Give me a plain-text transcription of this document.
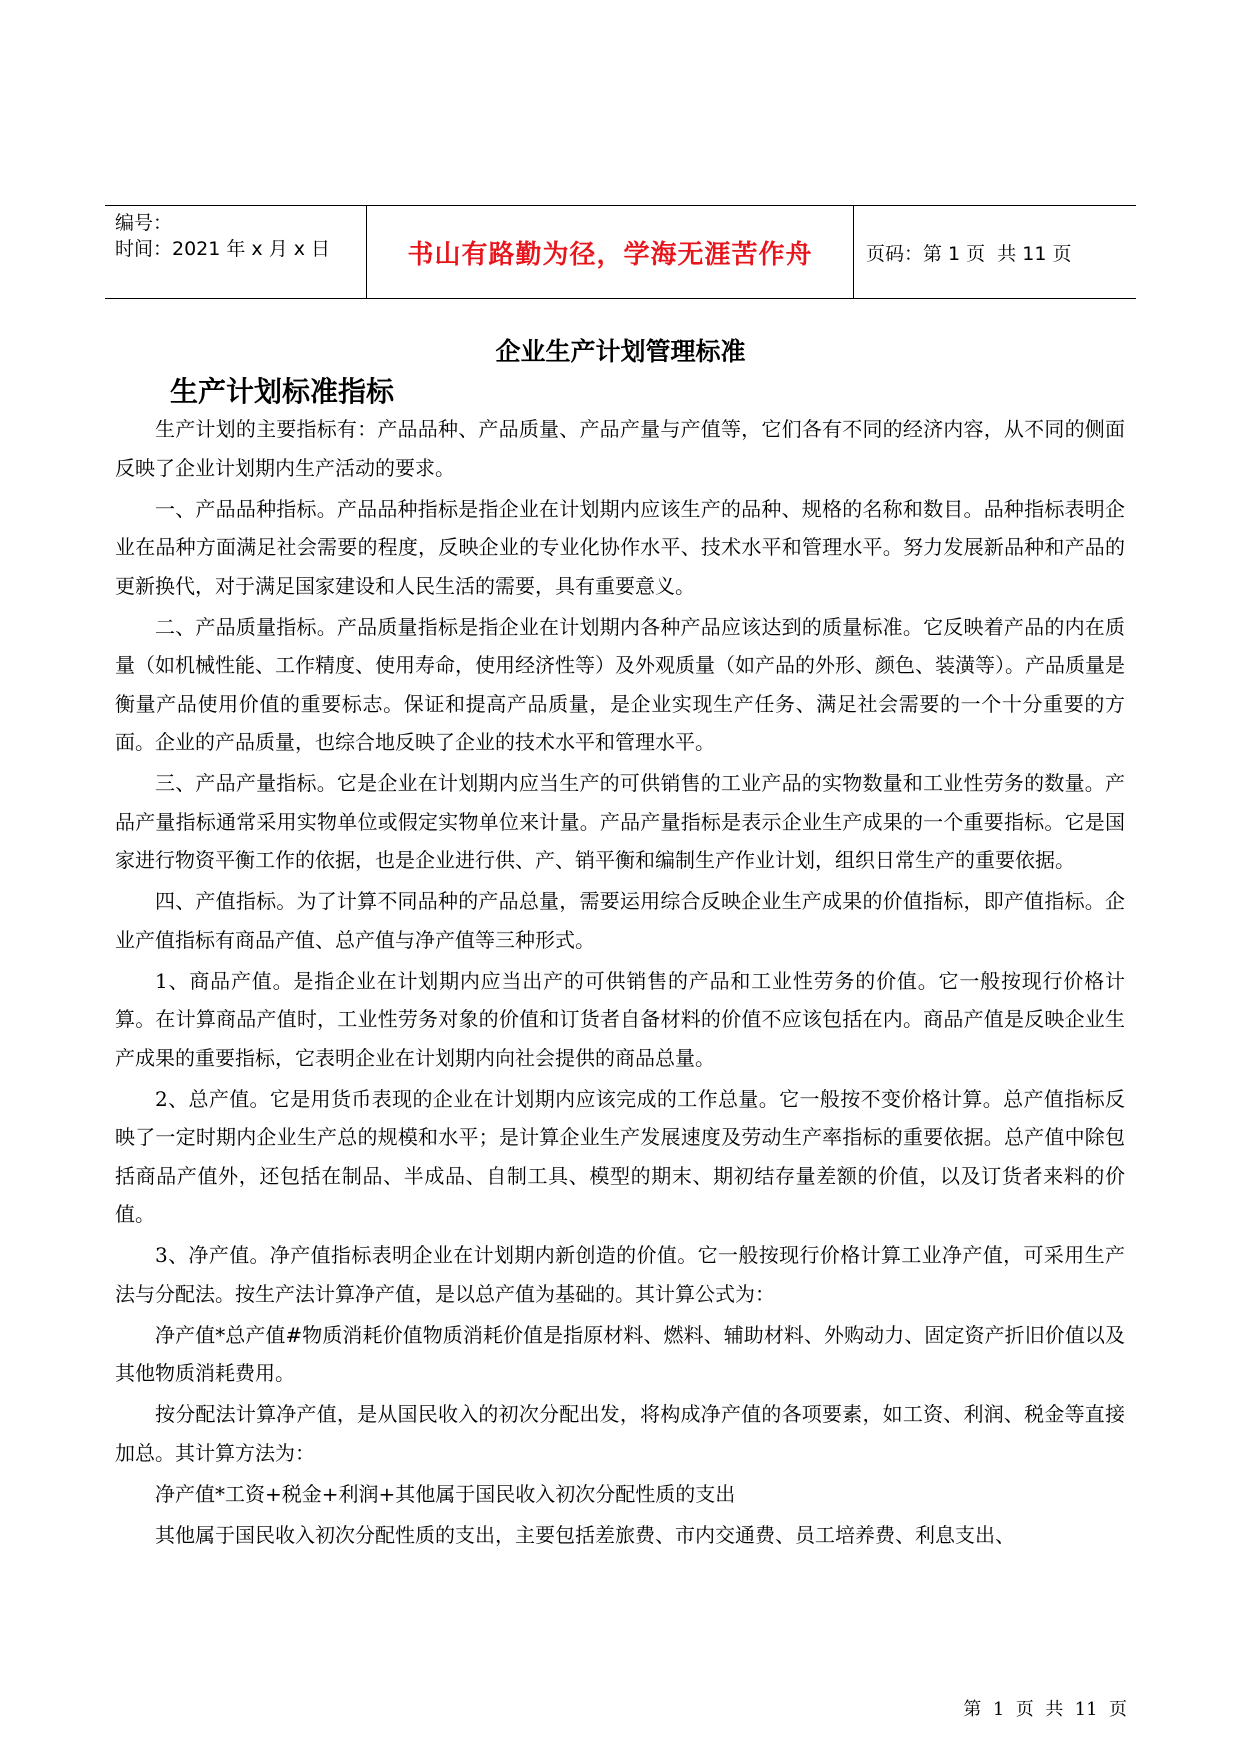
编号：
时间：2021 年 x 月 x 日	书山有路勤为径，学海无涯苦作舟	页码：第 1 页  共 11 页
企业生产计划管理标准
生产计划标准指标

生产计划的主要指标有：产品品种、产品质量、产品产量与产值等，它们各有不同的经济内容，从不同的侧面反映了企业计划期内生产活动的要求。

一、产品品种指标。产品品种指标是指企业在计划期内应该生产的品种、规格的名称和数目。品种指标表明企业在品种方面满足社会需要的程度，反映企业的专业化协作水平、技术水平和管理水平。努力发展新品种和产品的更新换代，对于满足国家建设和人民生活的需要，具有重要意义。

二、产品质量指标。产品质量指标是指企业在计划期内各种产品应该达到的质量标准。它反映着产品的内在质量（如机械性能、工作精度、使用寿命，使用经济性等）及外观质量（如产品的外形、颜色、装潢等）。产品质量是衡量产品使用价值的重要标志。保证和提高产品质量，是企业实现生产任务、满足社会需要的一个十分重要的方面。企业的产品质量，也综合地反映了企业的技术水平和管理水平。

三、产品产量指标。它是企业在计划期内应当生产的可供销售的工业产品的实物数量和工业性劳务的数量。产品产量指标通常采用实物单位或假定实物单位来计量。产品产量指标是表示企业生产成果的一个重要指标。它是国家进行物资平衡工作的依据，也是企业进行供、产、销平衡和编制生产作业计划，组织日常生产的重要依据。

四、产值指标。为了计算不同品种的产品总量，需要运用综合反映企业生产成果的价值指标，即产值指标。企业产值指标有商品产值、总产值与净产值等三种形式。

1、商品产值。是指企业在计划期内应当出产的可供销售的产品和工业性劳务的价值。它一般按现行价格计算。在计算商品产值时，工业性劳务对象的价值和订货者自备材料的价值不应该包括在内。商品产值是反映企业生产成果的重要指标，它表明企业在计划期内向社会提供的商品总量。

2、总产值。它是用货币表现的企业在计划期内应该完成的工作总量。它一般按不变价格计算。总产值指标反映了一定时期内企业生产总的规模和水平；是计算企业生产发展速度及劳动生产率指标的重要依据。总产值中除包括商品产值外，还包括在制品、半成品、自制工具、模型的期末、期初结存量差额的价值，以及订货者来料的价值。

3、净产值。净产值指标表明企业在计划期内新创造的价值。它一般按现行价格计算工业净产值，可采用生产法与分配法。按生产法计算净产值，是以总产值为基础的。其计算公式为：

净产值*总产值#物质消耗价值物质消耗价值是指原材料、燃料、辅助材料、外购动力、固定资产折旧价值以及其他物质消耗费用。

按分配法计算净产值，是从国民收入的初次分配出发，将构成净产值的各项要素，如工资、利润、税金等直接加总。其计算方法为：

净产值*工资+税金+利润+其他属于国民收入初次分配性质的支出

其他属于国民收入初次分配性质的支出，主要包括差旅费、市内交通费、员工培养费、利息支出、

第  1  页  共  11  页
